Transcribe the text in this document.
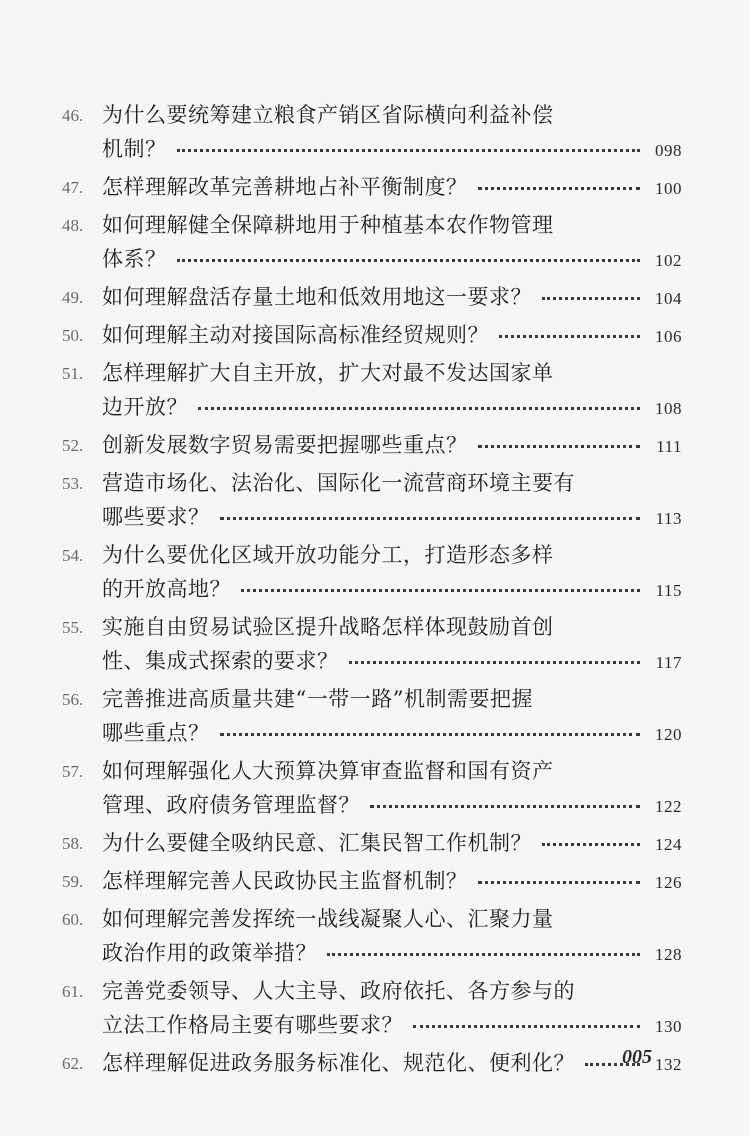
46. 为什么要统筹建立粮食产销区省际横向利益补偿
机制？	098
47. 怎样理解改革完善耕地占补平衡制度？	100
48. 如何理解健全保障耕地用于种植基本农作物管理
体系？	102
49. 如何理解盘活存量土地和低效用地这一要求？	104
50. 如何理解主动对接国际高标准经贸规则？	106
51. 怎样理解扩大自主开放，扩大对最不发达国家单
边开放？	108
52. 创新发展数字贸易需要把握哪些重点？	111
53. 营造市场化、法治化、国际化一流营商环境主要有
哪些要求？	113
54. 为什么要优化区域开放功能分工，打造形态多样
的开放高地？	115
55. 实施自由贸易试验区提升战略怎样体现鼓励首创
性、集成式探索的要求？	117
56. 完善推进高质量共建“一带一路”机制需要把握
哪些重点？	120
57. 如何理解强化人大预算决算审查监督和国有资产
管理、政府债务管理监督？	122
58. 为什么要健全吸纳民意、汇集民智工作机制？	124
59. 怎样理解完善人民政协民主监督机制？	126
60. 如何理解完善发挥统一战线凝聚人心、汇聚力量
政治作用的政策举措？	128
61. 完善党委领导、人大主导、政府依托、各方参与的
立法工作格局主要有哪些要求？	130
62. 怎样理解促进政务服务标准化、规范化、便利化？	132
005
